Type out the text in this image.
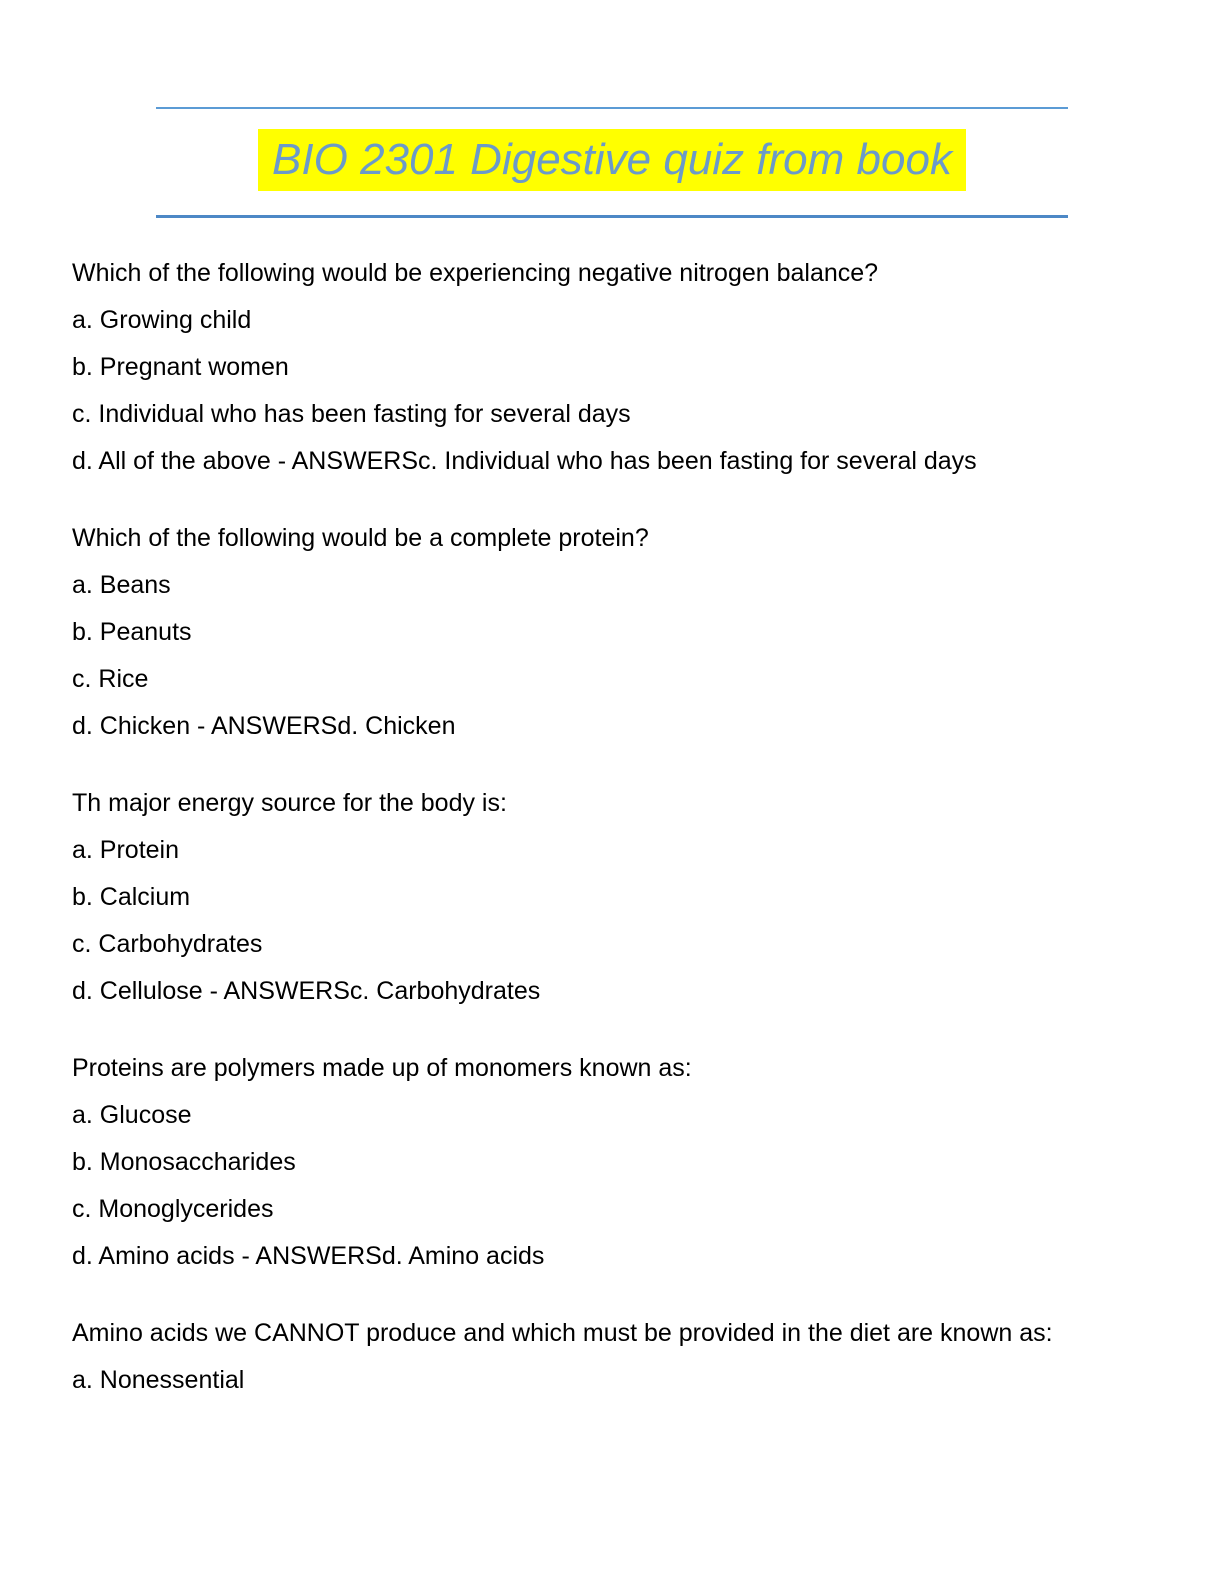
BIO 2301 Digestive quiz from book

Which of the following would be experiencing negative nitrogen balance?

a. Growing child

b. Pregnant women

c. Individual who has been fasting for several days

d. All of the above - ANSWERSc. Individual who has been fasting for several days

Which of the following would be a complete protein?

a. Beans

b. Peanuts

c. Rice

d. Chicken - ANSWERSd. Chicken

Th major energy source for the body is:

a. Protein

b. Calcium

c. Carbohydrates

d. Cellulose - ANSWERSc. Carbohydrates

Proteins are polymers made up of monomers known as:

a. Glucose

b. Monosaccharides

c. Monoglycerides

d. Amino acids - ANSWERSd. Amino acids

Amino acids we CANNOT produce and which must be provided in the diet are known as:

a. Nonessential
